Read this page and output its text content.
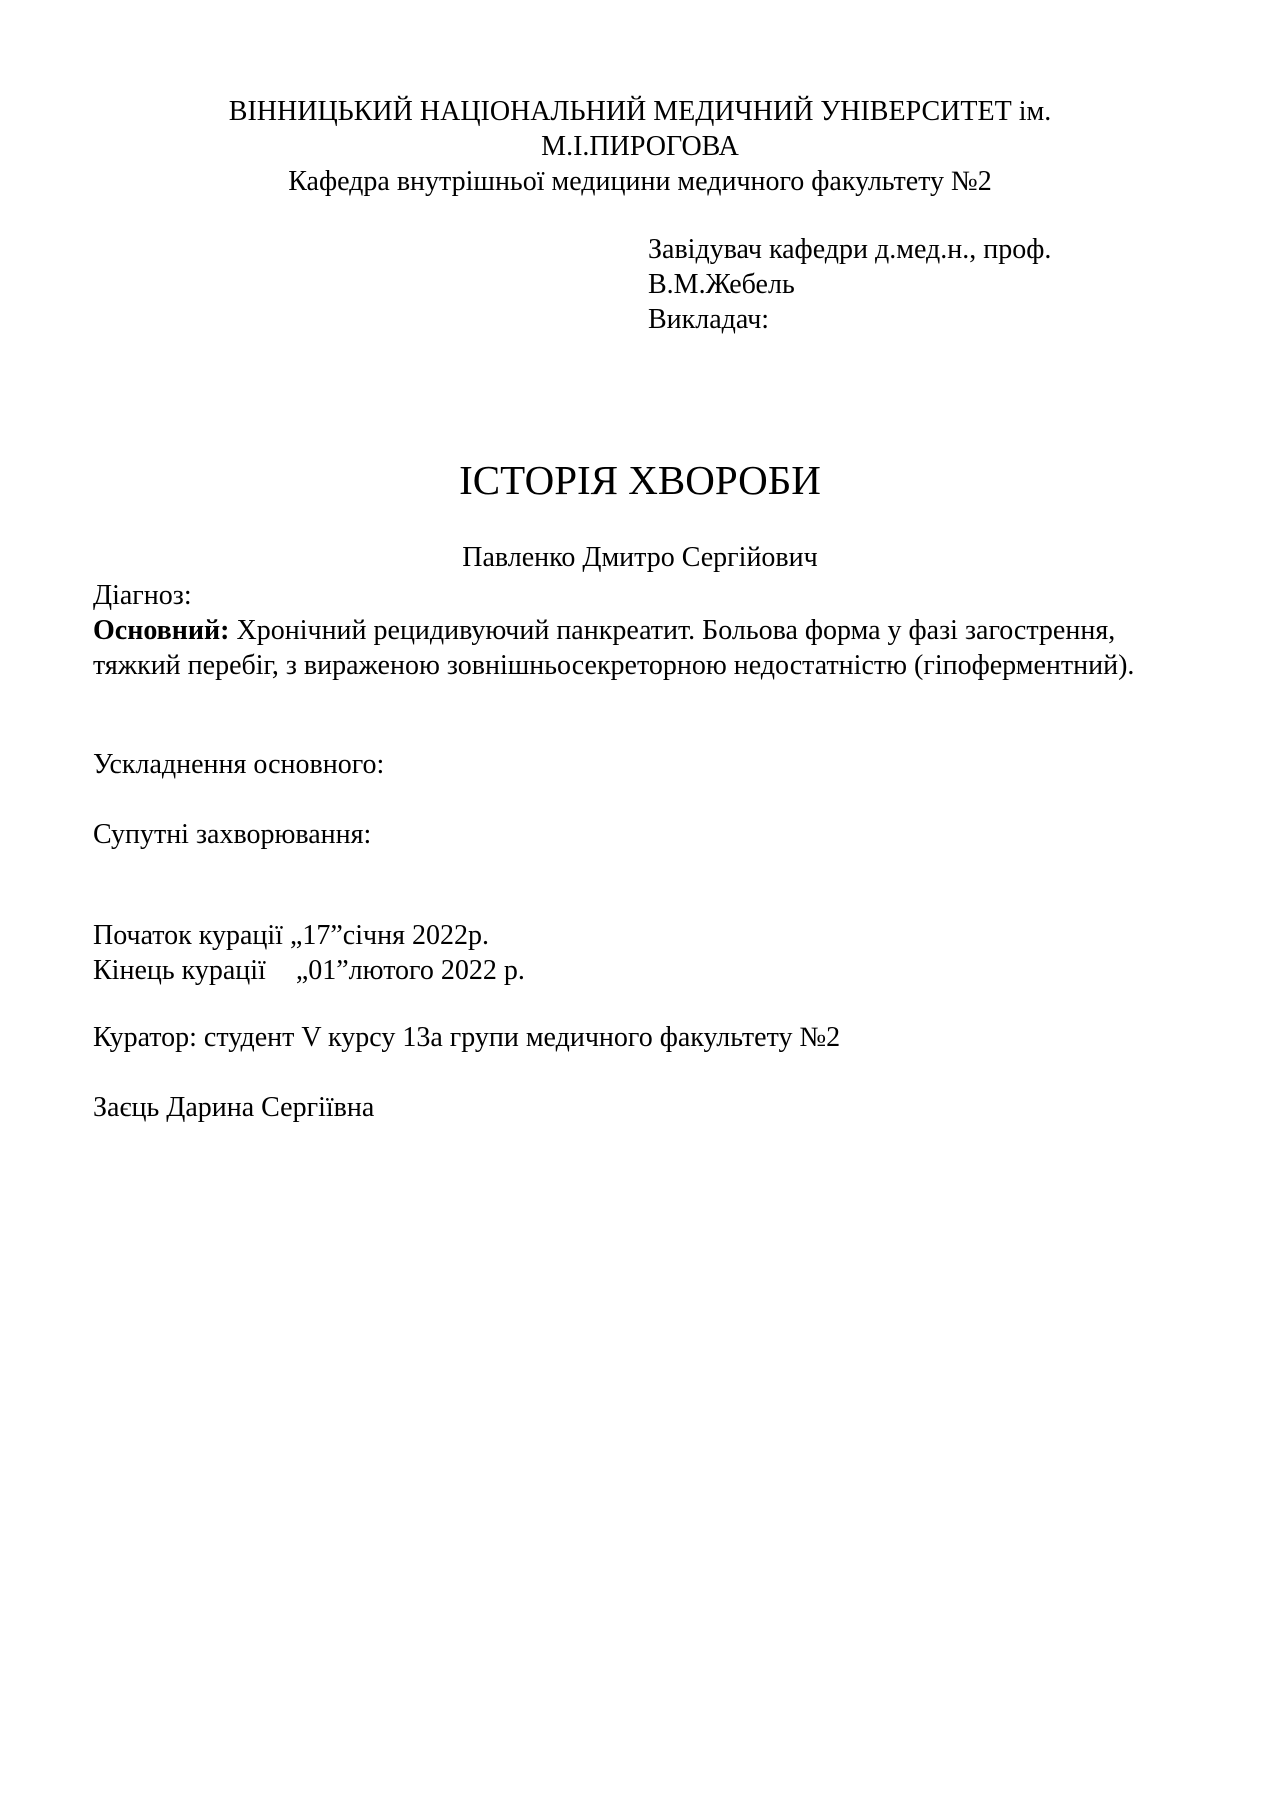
ВІННИЦЬКИЙ НАЦІОНАЛЬНИЙ МЕДИЧНИЙ УНІВЕРСИТЕТ ім.
М.І.ПИРОГОВА
Кафедра внутрішньої медицини медичного факультету №2
Завідувач кафедри д.мед.н., проф.
В.М.Жебель
Викладач:
ІСТОРІЯ ХВОРОБИ
Павленко Дмитро Сергійович
Діагноз:

Основний: Хронічний рецидивуючий панкреатит. Больова форма у фазі загострення, тяжкий перебіг, з вираженою зовнішньосекреторною недостатністю (гіпоферментний).

Ускладнення основного:
Супутні захворювання:
Початок курації „17”січня 2022р.
Кінець курації „01”лютого 2022 р.
Куратор: студент V курсу 13а групи медичного факультету №2
Заєць Дарина Сергіївна
